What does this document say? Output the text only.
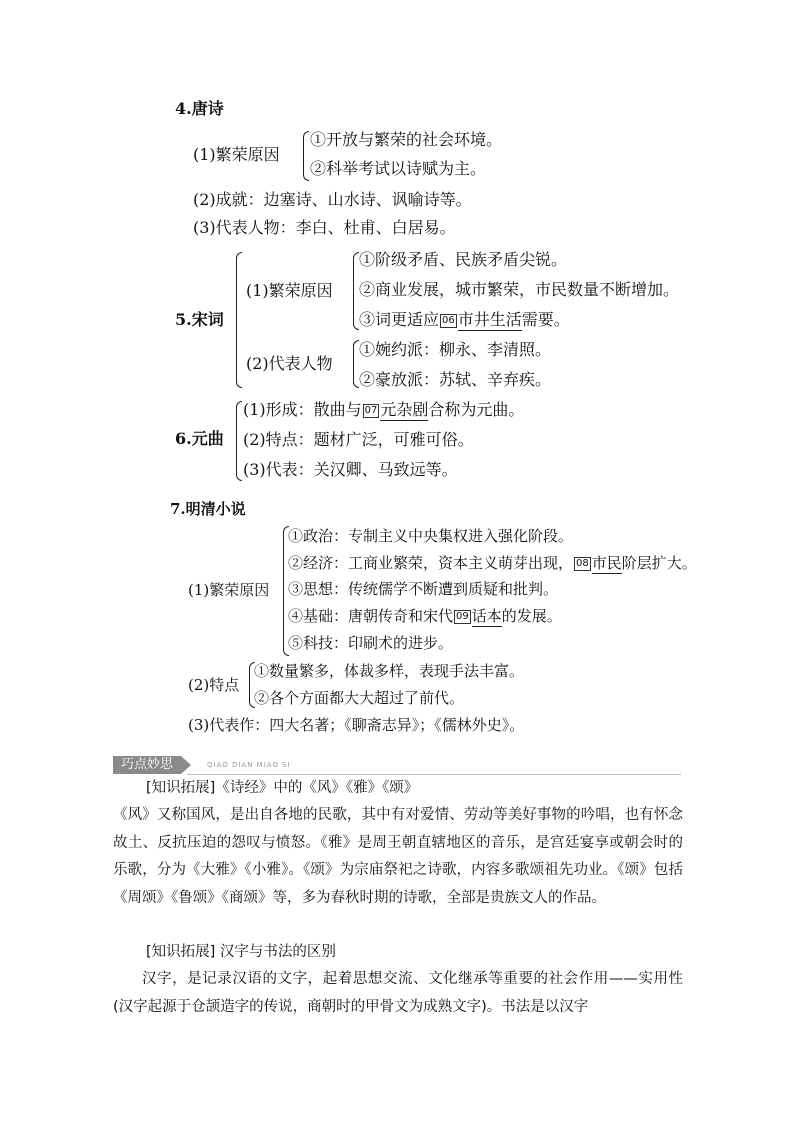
4.唐诗
(1)繁荣原因
①开放与繁荣的社会环境。
②科举考试以诗赋为主。
(2)成就：边塞诗、山水诗、讽喻诗等。
(3)代表人物：李白、杜甫、白居易。
5.宋词
(1)繁荣原因
①阶级矛盾、民族矛盾尖锐。
②商业发展，城市繁荣，市民数量不断增加。
③词更适应 06 市井生活需要。
(2)代表人物
①婉约派：柳永、李清照。
②豪放派：苏轼、辛弃疾。
6.元曲
(1)形成：散曲与 07 元杂剧合称为元曲。
(2)特点：题材广泛，可雅可俗。
(3)代表：关汉卿、马致远等。
7.明清小说
(1)繁荣原因
①政治：专制主义中央集权进入强化阶段。
②经济：工商业繁荣，资本主义萌芽出现， 08 市民阶层扩大。
③思想：传统儒学不断遭到质疑和批判。
④基础：唐朝传奇和宋代 09 话本的发展。
⑤科技：印刷术的进步。
(2)特点
①数量繁多，体裁多样，表现手法丰富。
②各个方面都大大超过了前代。
(3)代表作：四大名著；《聊斋志异》；《儒林外史》。
巧点妙思	QIAO DIAN MIAO SI
[知识拓展]《诗经》中的《风》《雅》《颂》
《风》又称国风，是出自各地的民歌，其中有对爱情、劳动等美好事物的吟唱，也有怀念故土、反抗压迫的怨叹与愤怒。《雅》是周王朝直辖地区的音乐，是宫廷宴享或朝会时的乐歌，分为《大雅》《小雅》。《颂》为宗庙祭祀之诗歌，内容多歌颂祖先功业。《颂》包括《周颂》《鲁颂》《商颂》等，多为春秋时期的诗歌，全部是贵族文人的作品。
[知识拓展] 汉字与书法的区别
汉字，是记录汉语的文字，起着思想交流、文化继承等重要的社会作用——实用性(汉字起源于仓颉造字的传说，商朝时的甲骨文为成熟文字)。书法是以汉字
